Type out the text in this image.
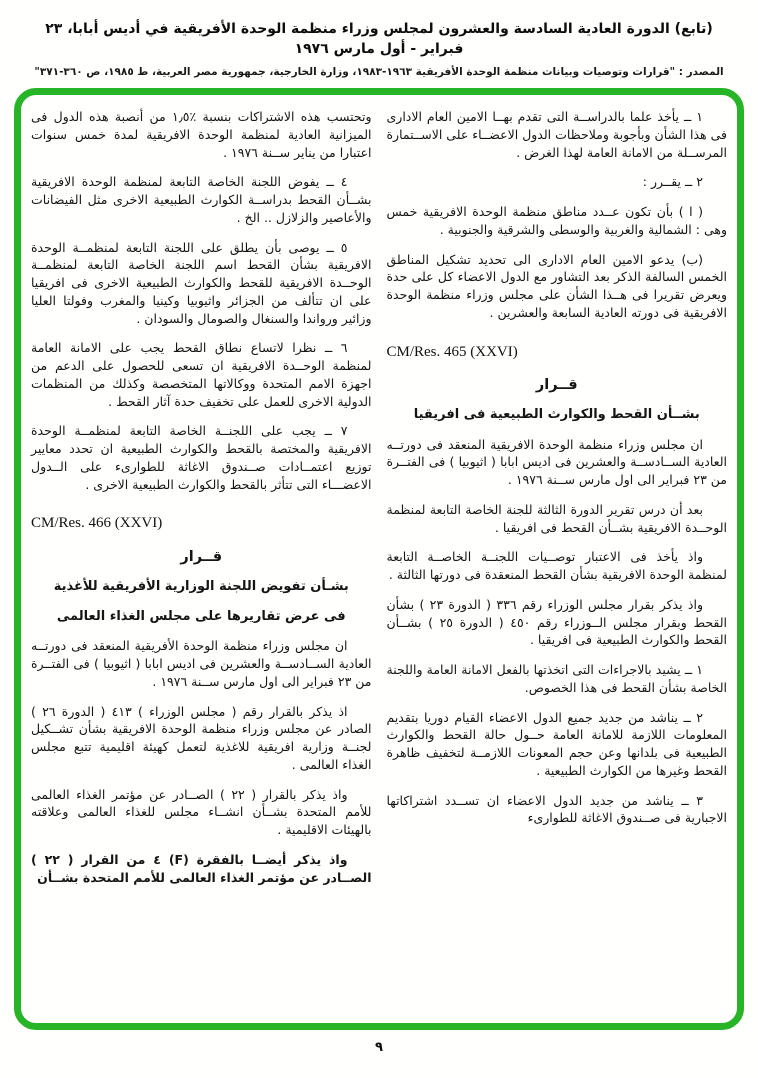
(تابع) الدورة العادية السادسة والعشرون لمجلس وزراء منظمة الوحدة الأفريقية في أديس أبابا، ٢٣ فبراير - أول مارس ١٩٧٦
المصدر : "قرارات وتوصيات وبيانات منظمة الوحدة الأفريقية ١٩٦٣-١٩٨٣، وزارة الخارجية، جمهورية مصر العربية، ط ١٩٨٥، ص ٣٦٠-٣٧١"
١ ــ يأخذ علما بالدراســة التى تقدم بهــا الامين العام الادارى فى هذا الشأن وبأجوبة وملاحظات الدول الاعضــاء على الاســتمارة المرســلة من الامانة العامة لهذا الغرض .
٢ ــ يقــرر :
( ا ) بأن تكون عــدد مناطق منظمة الوحدة الافريقية خمس وهى : الشمالية والغربية والوسطى والشرقية والجنوبية .
(ب) يدعو الامين العام الادارى الى تحديد تشكيل المناطق الخمس السالفة الذكر بعد التشاور مع الدول الاعضاء كل على حدة ويعرض تقريرا فى هــذا الشأن على مجلس وزراء منظمة الوحدة الافريقية فى دورته العادية السابعة والعشرين .
CM/Res. 465 (XXVI)
قــرار
بشــأن القحط والكوارث الطبيعية فى افريقيا
ان مجلس وزراء منظمة الوحدة الافريقية المنعقد فى دورتــه العادية الســادســة والعشرين فى اديس ابابا ( اثيوبيا ) فى الفتــرة من ٢٣ فبراير الى اول مارس ســنة ١٩٧٦ .
بعد أن درس تقرير الدورة الثالثة للجنة الخاصة التابعة لمنظمة الوحــدة الافريقية بشــأن القحط فى افريقيا .
واذ يأخذ فى الاعتبار توصــيات اللجنــة الخاصــة التابعة لمنظمة الوحدة الافريقية بشأن القحط المنعقدة فى دورتها الثالثة .
واذ يذكر بقرار مجلس الوزراء رقم ٣٣٦ ( الدورة ٢٣ ) بشأن القحط وبقرار مجلس الــوزراء رقم ٤٥٠ ( الدورة ٢٥ ) بشــأن القحط والكوارث الطبيعية فى افريقيا .
١ ــ يشيد بالاجراءات التى اتخذتها بالفعل الامانة العامة واللجنة الخاصة بشأن القحط فى هذا الخصوص.
٢ ــ يناشد من جديد جميع الدول الاعضاء القيام دوريا بتقديم المعلومات اللازمة للامانة العامة حــول حالة القحط والكوارث الطبيعية فى بلدانها وعن حجم المعونات اللازمــة لتخفيف ظاهرة القحط وغيرها من الكوارث الطبيعية .
٣ ــ يناشد من جديد الدول الاعضاء ان تســدد اشتراكاتها الاجبارية فى صــندوق الاغاثة للطوارىء
وتحتسب هذه الاشتراكات بنسبة ٪١٫٥ من أنصبة هذه الدول فى الميزانية العادية لمنظمة الوحدة الافريقية لمدة خمس سنوات اعتبارا من يناير ســنة ١٩٧٦ .
٤ ــ يفوض اللجنة الخاصة التابعة لمنظمة الوحدة الافريقية بشــأن القحط بدراســة الكوارث الطبيعية الاخرى مثل الفيضانات والأعاصير والزلازل .. الخ .
٥ ــ يوصى بأن يطلق على اللجنة التابعة لمنظمــة الوحدة الافريقية بشأن القحط اسم اللجنة الخاصة التابعة لمنظمــة الوحــدة الافريقية للقحط والكوارث الطبيعية الاخرى فى افريقيا على ان تتألف من الجزائر واثيوبيا وكينيا والمغرب وفولتا العليا وزائير ورواندا والسنغال والصومال والسودان .
٦ ــ نظرا لاتساع نطاق القحط يجب على الامانة العامة لمنظمة الوحــدة الافريقية ان تسعى للحصول على الدعم من اجهزة الامم المتحدة ووكالاتها المتخصصة وكذلك من المنظمات الدولية الاخرى للعمل على تخفيف حدة آثار القحط .
٧ ــ يجب على اللجنــة الخاصة التابعة لمنظمــة الوحدة الافريقية والمختصة بالقحط والكوارث الطبيعية ان تحدد معايير توزيع اعتمــادات صــندوق الاغاثة للطوارىء على الــدول الاعضـــاء التى تتأثر بالقحط والكوارث الطبيعية الاخرى .
CM/Res. 466 (XXVI)
قــرار
بشـأن تفويض اللجنة الوزارية الأفريقية للأغذية
فى عرض تقاريرها على مجلس الغذاء العالمى
ان مجلس وزراء منظمة الوحدة الأفريقية المنعقد فى دورتــه العادية الســادســة والعشرين فى اديس ابابا ( اثيوبيا ) فى الفتــرة من ٢٣ فبراير الى اول مارس ســنة ١٩٧٦ .
اذ يذكر بالقرار رقم ( مجلس الوزراء ) ٤١٣ ( الدورة ٢٦ ) الصادر عن مجلس وزراء منظمة الوحدة الافريقية بشأن تشــكيل لجنــة وزارية افريقية للاغذية لتعمل كهيئة اقليمية تتبع مجلس الغذاء العالمى .
واذ يذكر بالقرار ( ٢٢ ) الصــادر عن مؤتمر الغذاء العالمى للأمم المتحدة بشــأن انشــاء مجلس للغذاء العالمى وعلاقته بالهيئات الاقليمية .
واذ يذكر أيضــا بالفقرة (F) ٤ من القرار ( ٢٢ ) الصــادر عن مؤتمر الغذاء العالمى للأمم المتحدة بشــأن
٩
